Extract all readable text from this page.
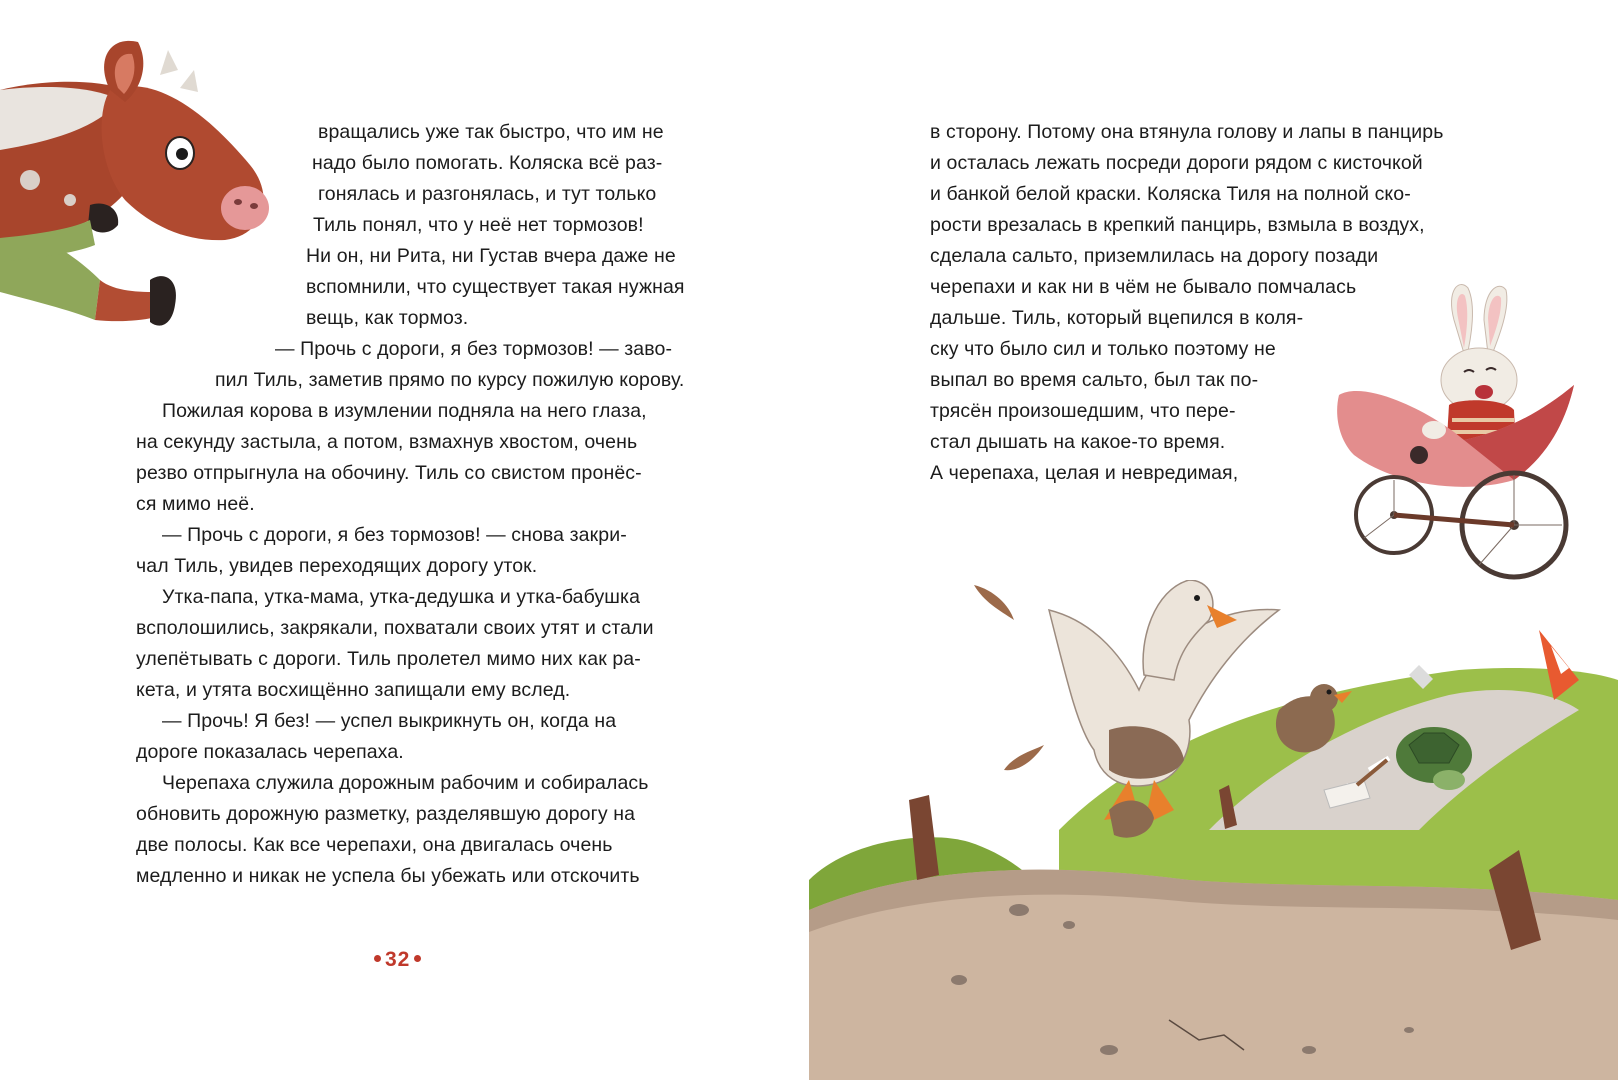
вращались уже так быстро, что им не
надо было помогать. Коляска всё раз-
гонялась и разгонялась, и тут только
Тиль понял, что у неё нет тормозов!
Ни он, ни Рита, ни Густав вчера даже не
вспомнили, что существует такая нужная
вещь, как тормоз.
— Прочь с дороги, я без тормозов! — заво-
пил Тиль, заметив прямо по курсу пожилую корову.
Пожилая корова в изумлении подняла на него глаза,
на секунду застыла, а потом, взмахнув хвостом, очень
резво отпрыгнула на обочину. Тиль со свистом пронёс-
ся мимо неё.
— Прочь с дороги, я без тормозов! — снова закри-
чал Тиль, увидев переходящих дорогу уток.
Утка-папа, утка-мама, утка-дедушка и утка-бабушка
всполошились, закрякали, похватали своих утят и стали
улепётывать с дороги. Тиль пролетел мимо них как ра-
кета, и утята восхищённо запищали ему вслед.
— Прочь! Я без! — успел выкрикнуть он, когда на
дороге показалась черепаха.
Черепаха служила дорожным рабочим и собиралась
обновить дорожную разметку, разделявшую дорогу на
две полосы. Как все черепахи, она двигалась очень
медленно и никак не успела бы убежать или отскочить
32
в сторону. Потому она втянула голову и лапы в панцирь
и осталась лежать посреди дороги рядом с кисточкой
и банкой белой краски. Коляска Тиля на полной ско-
рости врезалась в крепкий панцирь, взмыла в воздух,
сделала сальто, приземлилась на дорогу позади
черепахи и как ни в чём не бывало помчалась
дальше. Тиль, который вцепился в коля-
ску что было сил и только поэтому не
выпал во время сальто, был так по-
трясён произошедшим, что пере-
стал дышать на какое-то время.
А черепаха, целая и невредимая,
